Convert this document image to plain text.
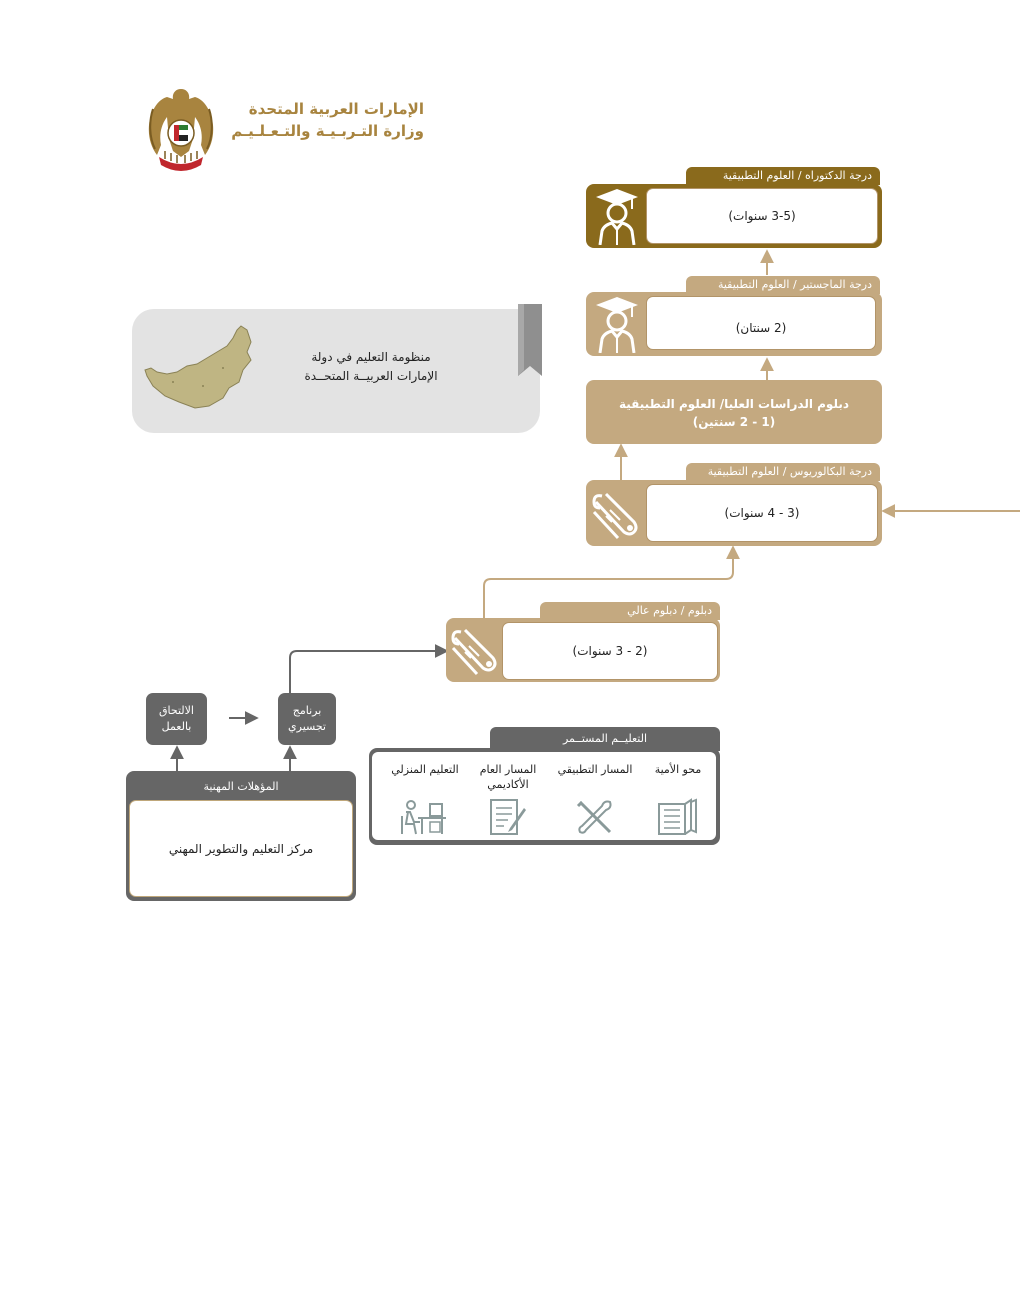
الإمارات العربية المتحدة
وزارة التـربـيـة والتـعـلـيـم
منظومة التعليم في دولة
الإمارات العربيــة المتحــدة
درجة الدكتوراه / العلوم التطبيقية
(3-5 سنوات)
درجة الماجستير / العلوم التطبيقية
(2 سنتان)
دبلوم الدراسات العليا/ العلوم التطبيقية
(1 - 2 سنتين)
درجة البكالوريوس / العلوم التطبيقية
(3 - 4 سنوات)
دبلوم / دبلوم عالي
(2 - 3 سنوات)
الالتحاق
بالعمل
برنامج
تجسيري
المؤهلات المهنية
مركز التعليم والتطوير المهني
التعليــم المستــمر
محو الأمية
المسار التطبيقي
المسار العام
الأكاديمي
التعليم المنزلي
